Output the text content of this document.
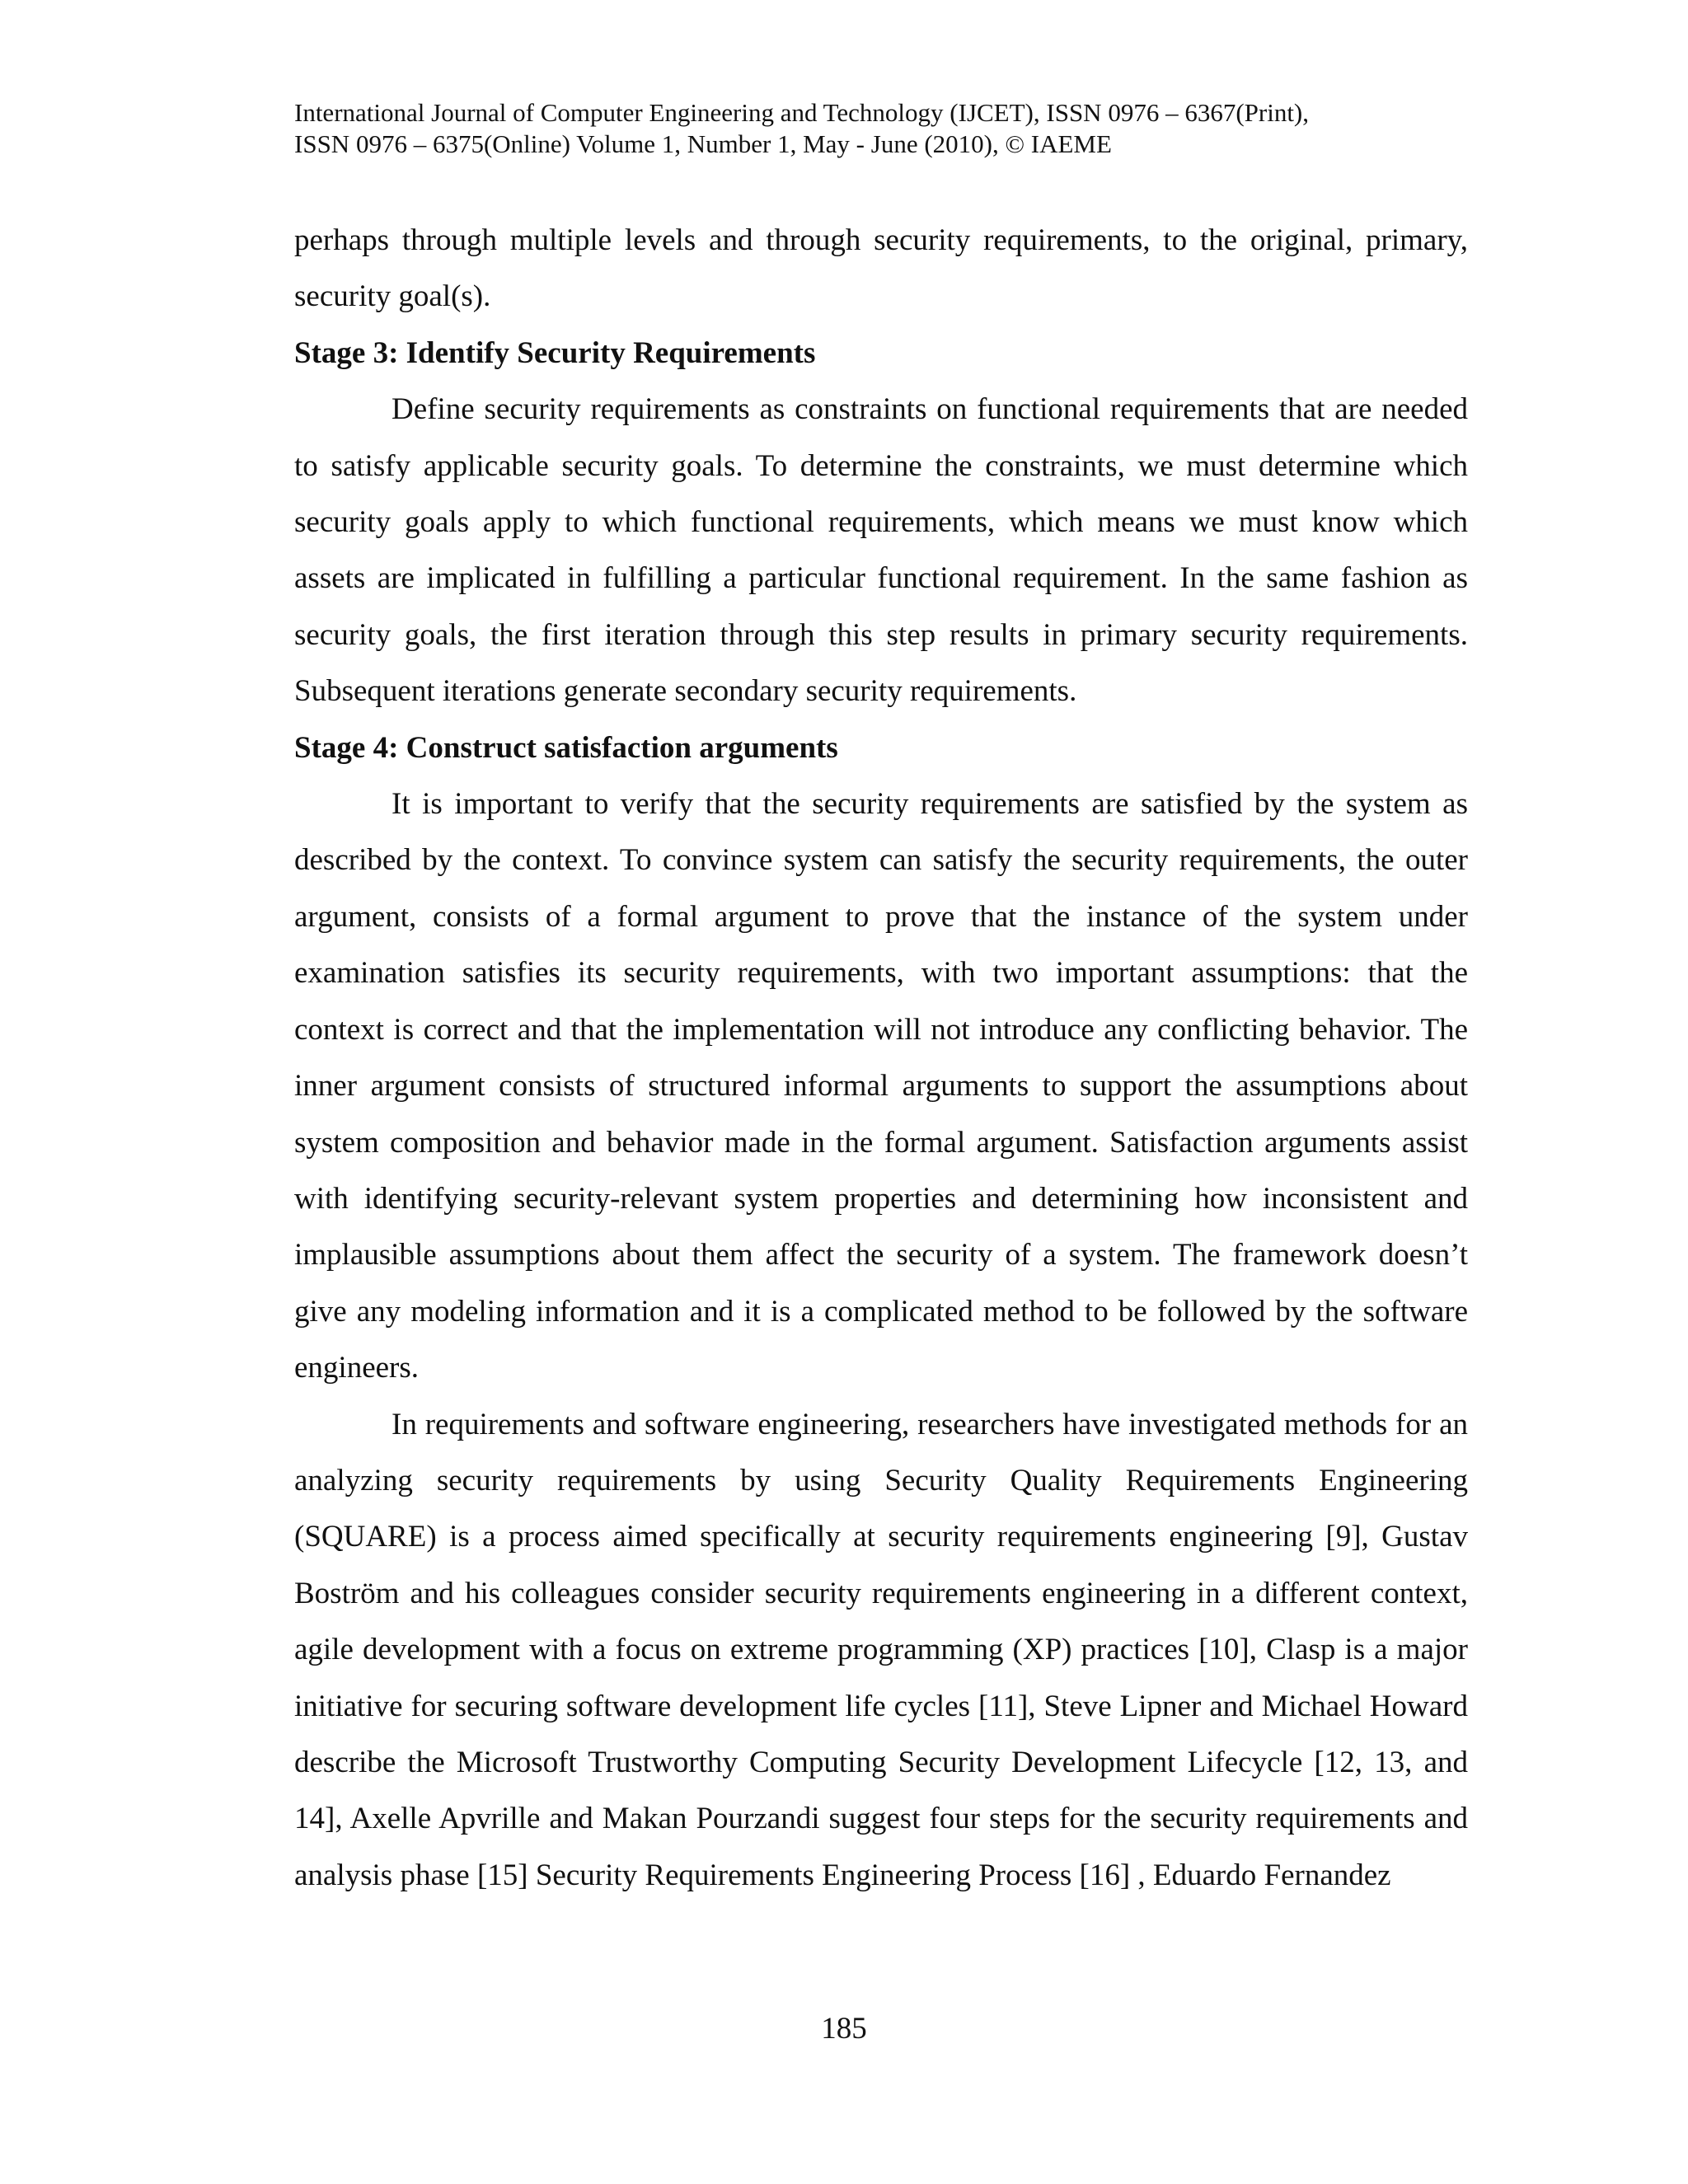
International Journal of Computer Engineering and Technology (IJCET), ISSN 0976 – 6367(Print),
ISSN 0976 – 6375(Online) Volume 1, Number 1, May - June (2010), © IAEME

perhaps through multiple levels and through security requirements, to the original, primary, security goal(s).

Stage 3: Identify Security Requirements

Define security requirements as constraints on functional requirements that are needed to satisfy applicable security goals. To determine the constraints, we must determine which security goals apply to which functional requirements, which means we must know which assets are implicated in fulfilling a particular functional requirement. In the same fashion as security goals, the first iteration through this step results in primary security requirements. Subsequent iterations generate secondary security requirements.

Stage 4: Construct satisfaction arguments

It is important to verify that the security requirements are satisfied by the system as described by the context. To convince system can satisfy the security requirements, the outer argument, consists of a formal argument to prove that the instance of the system under examination satisfies its security requirements, with two important assumptions: that the context is correct and that the implementation will not introduce any conflicting behavior. The inner argument consists of structured informal arguments to support the assumptions about system composition and behavior made in the formal argument. Satisfaction arguments assist with identifying security-relevant system properties and determining how inconsistent and implausible assumptions about them affect the security of a system. The framework doesn’t give any modeling information and it is a complicated method to be followed by the software engineers.

In requirements and software engineering, researchers have investigated methods for an analyzing security requirements by using Security Quality Requirements Engineering (SQUARE) is a process aimed specifically at security requirements engineering [9], Gustav Boström and his colleagues consider security requirements engineering in a different context, agile development with a focus on extreme programming (XP) practices [10], Clasp is a major initiative for securing software development life cycles [11], Steve Lipner and Michael Howard describe the Microsoft Trustworthy Computing Security Development Lifecycle [12, 13, and 14], Axelle Apvrille and Makan Pourzandi suggest four steps for the security requirements and analysis phase [15] Security Requirements Engineering Process [16] , Eduardo Fernandez

185
